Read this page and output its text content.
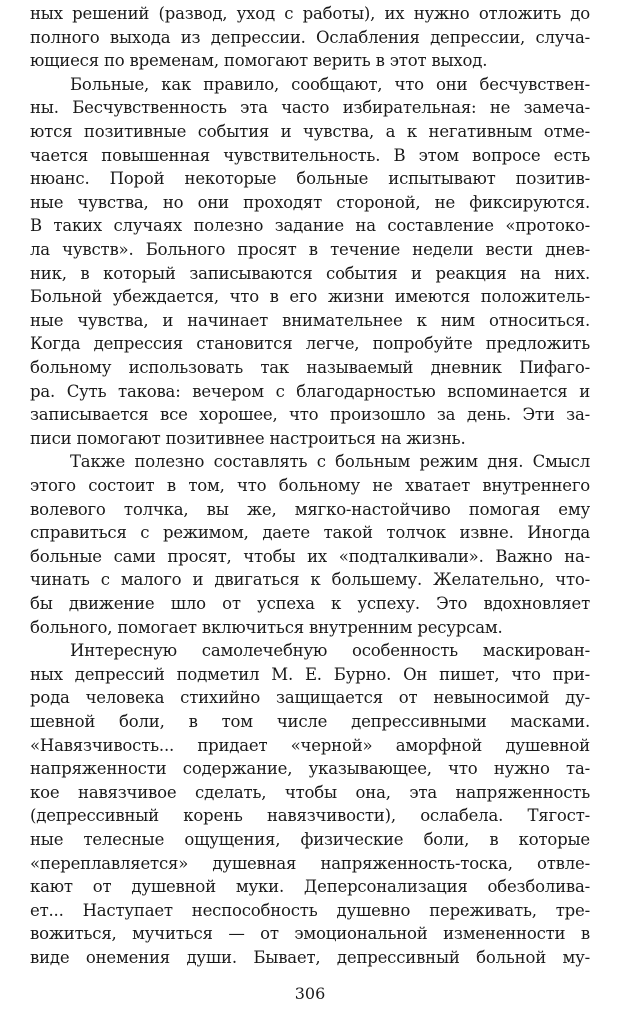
ных решений (развод, уход с работы), их нужно отложить до
полного выхода из депрессии. Ослабления депрессии, случа-
ющиеся по временам, помогают верить в этот выход.
Больные, как правило, сообщают, что они бесчувствен-
ны. Бесчувственность эта часто избирательная: не замеча-
ются позитивные события и чувства, а к негативным отме-
чается повышенная чувствительность. В этом вопросе есть
нюанс. Порой некоторые больные испытывают позитив-
ные чувства, но они проходят стороной, не фиксируются.
В таких случаях полезно задание на составление «протоко-
ла чувств». Больного просят в течение недели вести днев-
ник, в который записываются события и реакция на них.
Больной убеждается, что в его жизни имеются положитель-
ные чувства, и начинает внимательнее к ним относиться.
Когда депрессия становится легче, попробуйте предложить
больному использовать так называемый дневник Пифаго-
ра. Суть такова: вечером с благодарностью вспоминается и
записывается все хорошее, что произошло за день. Эти за-
писи помогают позитивнее настроиться на жизнь.
Также полезно составлять с больным режим дня. Смысл
этого состоит в том, что больному не хватает внутреннего
волевого толчка, вы же, мягко-настойчиво помогая ему
справиться с режимом, даете такой толчок извне. Иногда
больные сами просят, чтобы их «подталкивали». Важно на-
чинать с малого и двигаться к большему. Желательно, что-
бы движение шло от успеха к успеху. Это вдохновляет
больного, помогает включиться внутренним ресурсам.
Интересную самолечебную особенность маскирован-
ных депрессий подметил М. Е. Бурно. Он пишет, что при-
рода человека стихийно защищается от невыносимой ду-
шевной боли, в том числе депрессивными масками.
«Навязчивость... придает «черной» аморфной душевной
напряженности содержание, указывающее, что нужно та-
кое навязчивое сделать, чтобы она, эта напряженность
(депрессивный корень навязчивости), ослабела. Тягост-
ные телесные ощущения, физические боли, в которые
«переплавляется» душевная напряженность-тоска, отвле-
кают от душевной муки. Деперсонализация обезболива-
ет... Наступает неспособность душевно переживать, тре-
вожиться, мучиться — от эмоциональной измененности в
виде онемения души. Бывает, депрессивный больной му-
306
